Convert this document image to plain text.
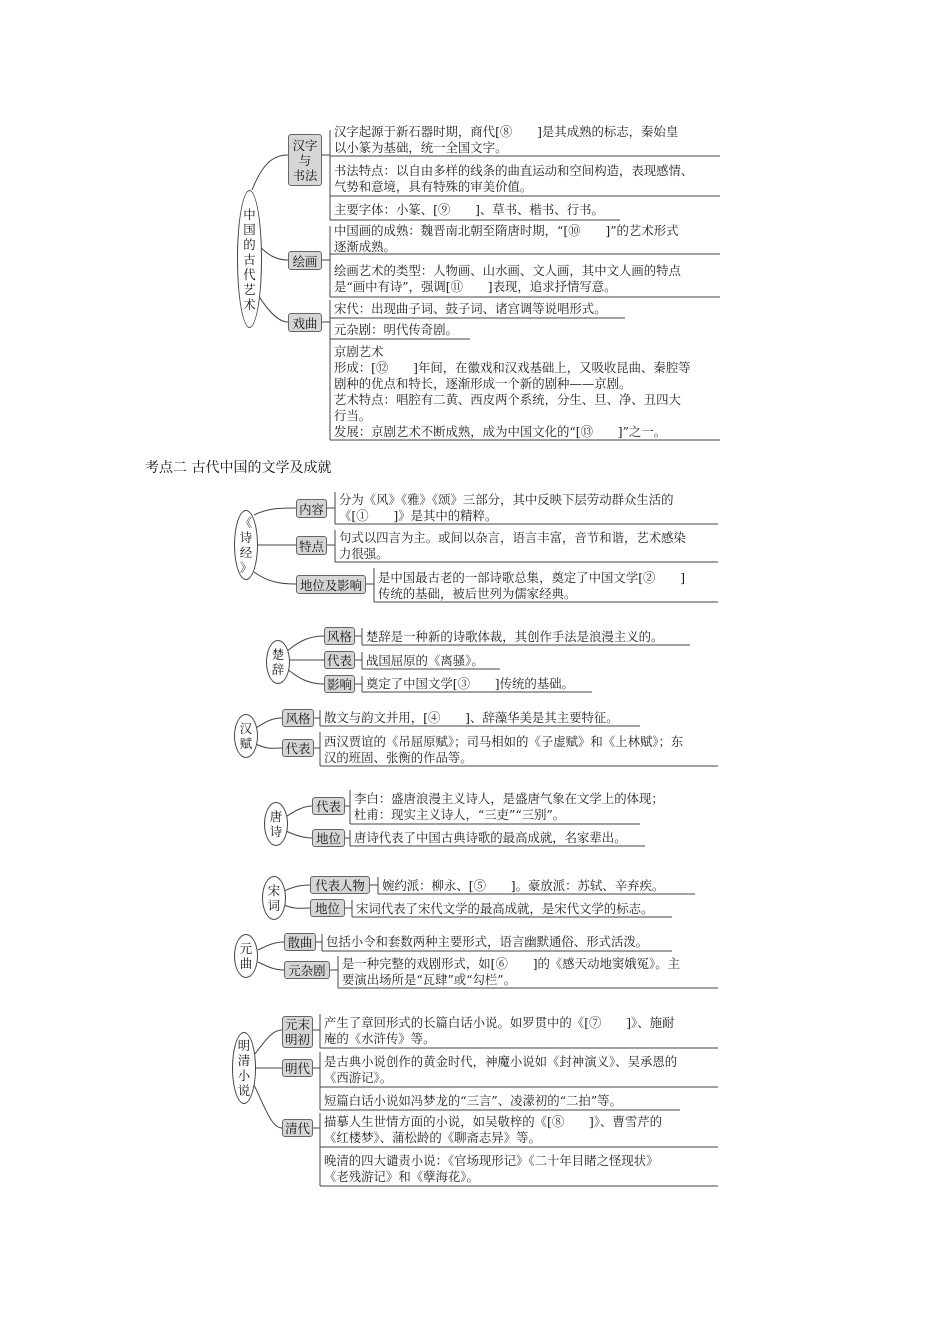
中
国
的
古
代
艺
术
汉字
与
书法
绘画
戏曲
汉字起源于新石器时期，商代[⑧　　]是其成熟的标志，秦始皇
以小篆为基础，统一全国文字。
书法特点：以自由多样的线条的曲直运动和空间构造，表现感情、
气势和意境，具有特殊的审美价值。
主要字体：小篆、[⑨　　]、草书、楷书、行书。
中国画的成熟：魏晋南北朝至隋唐时期，“[⑩　　]”的艺术形式
逐渐成熟。
绘画艺术的类型：人物画、山水画、文人画，其中文人画的特点
是“画中有诗”，强调[⑪　　]表现，追求抒情写意。
宋代：出现曲子词、鼓子词、诸宫调等说唱形式。
元杂剧：明代传奇剧。
京剧艺术
形成：[⑫　　]年间，在徽戏和汉戏基础上，又吸收昆曲、秦腔等
剧种的优点和特长，逐渐形成一个新的剧种——京剧。
艺术特点：唱腔有二黄、西皮两个系统，分生、旦、净、丑四大
行当。
发展：京剧艺术不断成熟，成为中国文化的“[⑬　　]”之一。
考点二 古代中国的文学及成就
《
诗
经
》
内容
特点
地位及影响
分为《风》《雅》《颂》三部分，其中反映下层劳动群众生活的
《[①　　]》是其中的精粹。
句式以四言为主。或间以杂言，语言丰富，音节和谐，艺术感染
力很强。
是中国最古老的一部诗歌总集，奠定了中国文学[②　　]
传统的基础，被后世列为儒家经典。
楚
辞
风格
代表
影响
楚辞是一种新的诗歌体裁，其创作手法是浪漫主义的。
战国屈原的《离骚》。
奠定了中国文学[③　　]传统的基础。
汉
赋
风格
代表
散文与韵文并用，[④　　]、辞藻华美是其主要特征。
西汉贾谊的《吊屈原赋》；司马相如的《子虚赋》和《上林赋》；东
汉的班固、张衡的作品等。
唐
诗
代表
地位
李白：盛唐浪漫主义诗人，是盛唐气象在文学上的体现；
杜甫：现实主义诗人，“三吏”“三别”。
唐诗代表了中国古典诗歌的最高成就，名家辈出。
宋
词
代表人物
地位
婉约派：柳永、[⑤　　]。豪放派：苏轼、辛弃疾。
宋词代表了宋代文学的最高成就，是宋代文学的标志。
元
曲
散曲
元杂剧
包括小令和套数两种主要形式，语言幽默通俗、形式活泼。
是一种完整的戏剧形式，如[⑥　　]的《感天动地窦娥冤》。主
要演出场所是“瓦肆”或“勾栏”。
明
清
小
说
元末
明初
明代
清代
产生了章回形式的长篇白话小说。如罗贯中的《[⑦　　]》、施耐
庵的《水浒传》等。
是古典小说创作的黄金时代，神魔小说如《封神演义》、吴承恩的
《西游记》。
短篇白话小说如冯梦龙的“三言”、凌濛初的“二拍”等。
描摹人生世情方面的小说，如吴敬梓的《[⑧　　]》、曹雪芹的
《红楼梦》、蒲松龄的《聊斋志异》等。
晚清的四大谴责小说：《官场现形记》《二十年目睹之怪现状》
《老残游记》和《孽海花》。
